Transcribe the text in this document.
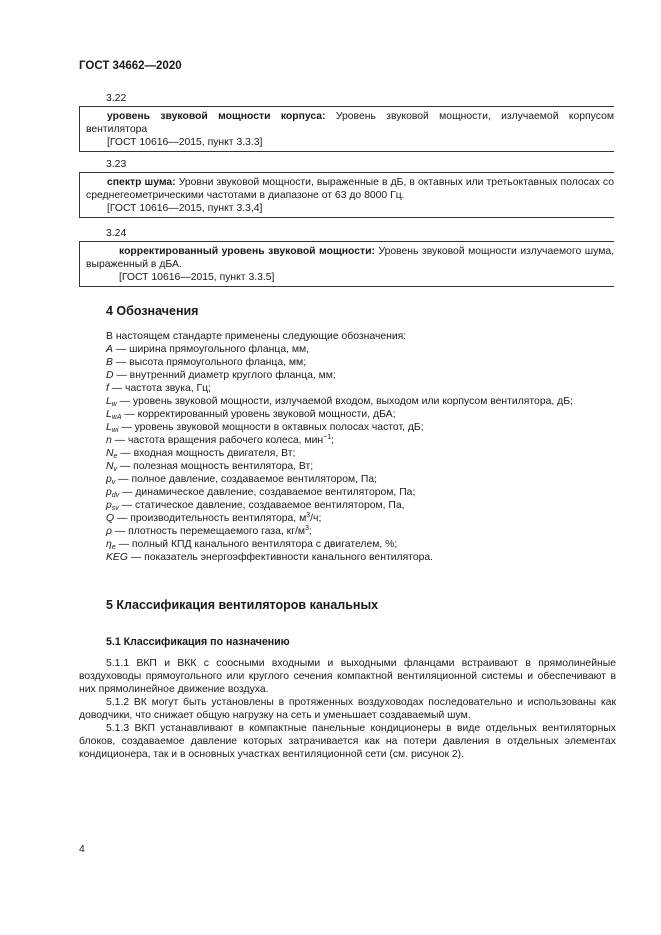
ГОСТ 34662—2020
3.22

уровень звуковой мощности корпуса: Уровень звуковой мощности, излучаемой корпусом вентилятора

[ГОСТ 10616—2015, пункт 3.3.3]

3.23

спектр шума: Уровни звуковой мощности, выраженные в дБ, в октавных или третьоктавных полосах со среднегеометрическими частотами в диапазоне от 63 до 8000 Гц.

[ГОСТ 10616—2015, пункт 3.3,4]

3.24

корректированный уровень звуковой мощности: Уровень звуковой мощности излучаемого шума, выраженный в дБА.

[ГОСТ 10616—2015, пункт 3.3.5]

4 Обозначения
В настоящем стандарте применены следующие обозначения:
A — ширина прямоугольного фланца, мм,
B — высота прямоугольного фланца, мм;
D — внутренний диаметр круглого фланца, мм;
f — частота звука, Гц;
$L_w$ — уровень звуковой мощности, излучаемой входом, выходом или корпусом вентилятора, дБ;
$L_{wA}$ — корректированный уровень звуковой мощности, дБА;
$L_{wi}$ — уровень звуковой мощности в октавных полосах частот, дБ;
n — частота вращения рабочего колеса, мин$^{-1}$;
$N_e$ — входная мощность двигателя, Вт;
$N_v$ — полезная мощность вентилятора, Вт;
$p_v$ — полное давление, создаваемое вентилятором, Па;
$p_{dv}$ — динамическое давление, создаваемое вентилятором, Па;
$p_{sv}$ — статическое давление, создаваемое вентилятором, Па,
Q — производительность вентилятора, $м^3/ч$;
ρ — плотность перемещаемого газа, $кг/м^3$;
$\eta_e$ — полный КПД канального вентилятора с двигателем, %;
KEG — показатель энергоэффективности канального вентилятора.
5 Классификация вентиляторов канальных
5.1 Классификация по назначению

5.1.1 ВКП и ВКК с соосными входными и выходными фланцами встраивают в прямолинейные воздуховоды прямоугольного или круглого сечения компактной вентиляционной системы и обеспечивают в них прямолинейное движение воздуха.

5.1.2 ВК могут быть установлены в протяженных воздуховодах последовательно и использованы как доводчики, что снижает общую нагрузку на сеть и уменьшает создаваемый шум.

5.1.3 ВКП устанавливают в компактные панельные кондиционеры в виде отдельных вентиляторных блоков, создаваемое давление которых затрачивается как на потери давления в отдельных элементах кондиционера, так и в основных участках вентиляционной сети (см. рисунок 2).

4
